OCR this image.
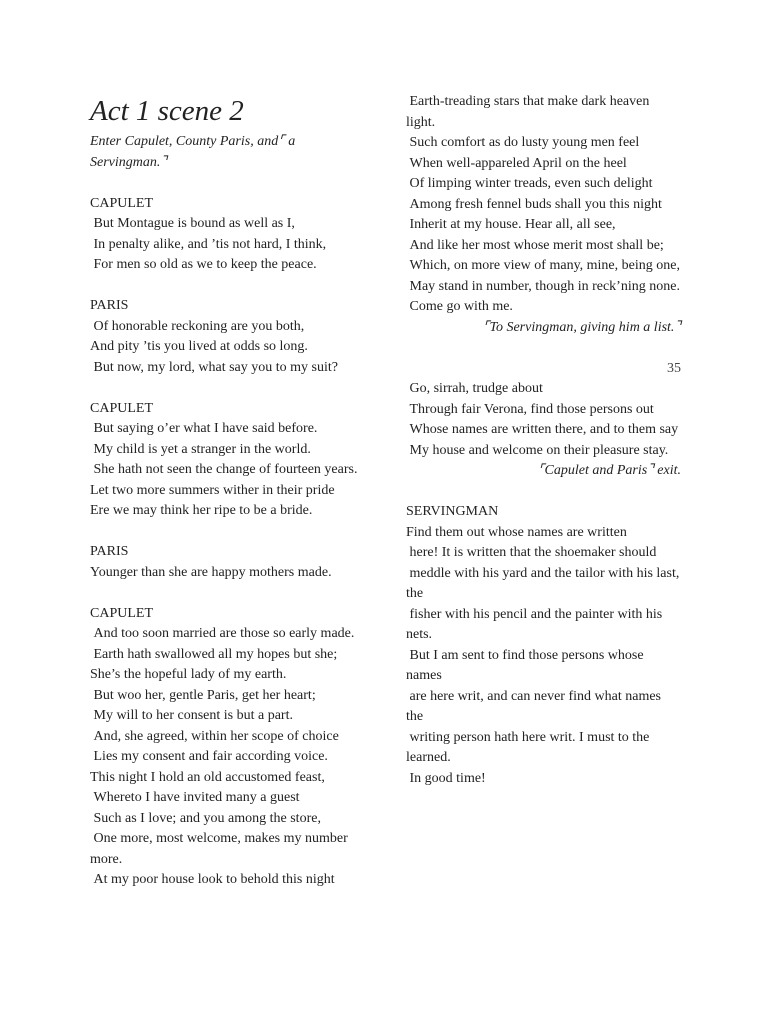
Act 1 scene 2
Enter Capulet, County Paris, and⌜ a Servingman.⌝
CAPULET
But Montague is bound as well as I,
In penalty alike, and ’tis not hard, I think,
For men so old as we to keep the peace.
PARIS
Of honorable reckoning are you both,
And pity ’tis you lived at odds so long.
But now, my lord, what say you to my suit?
CAPULET
But saying o’er what I have said before.
My child is yet a stranger in the world.
She hath not seen the change of fourteen years.
Let two more summers wither in their pride
Ere we may think her ripe to be a bride.
PARIS
Younger than she are happy mothers made.
CAPULET
And too soon married are those so early made.
Earth hath swallowed all my hopes but she;
She’s the hopeful lady of my earth.
But woo her, gentle Paris, get her heart;
My will to her consent is but a part.
And, she agreed, within her scope of choice
Lies my consent and fair according voice.
This night I hold an old accustomed feast,
Whereto I have invited many a guest
Such as I love; and you among the store,
One more, most welcome, makes my number more.
At my poor house look to behold this night
Earth-treading stars that make dark heaven light.
Such comfort as do lusty young men feel
When well-appareled April on the heel
Of limping winter treads, even such delight
Among fresh fennel buds shall you this night
Inherit at my house. Hear all, all see,
And like her most whose merit most shall be;
Which, on more view of many, mine, being one,
May stand in number, though in reck’ning none.
Come go with me.
⌜To Servingman, giving him a list.⌝
35
Go, sirrah, trudge about
Through fair Verona, find those persons out
Whose names are written there, and to them say
My house and welcome on their pleasure stay.
⌜Capulet and Paris⌝ exit.
SERVINGMAN
Find them out whose names are written
here! It is written that the shoemaker should
meddle with his yard and the tailor with his last, the
fisher with his pencil and the painter with his nets.
But I am sent to find those persons whose names
are here writ, and can never find what names the
writing person hath here writ. I must to the learned.
In good time!
